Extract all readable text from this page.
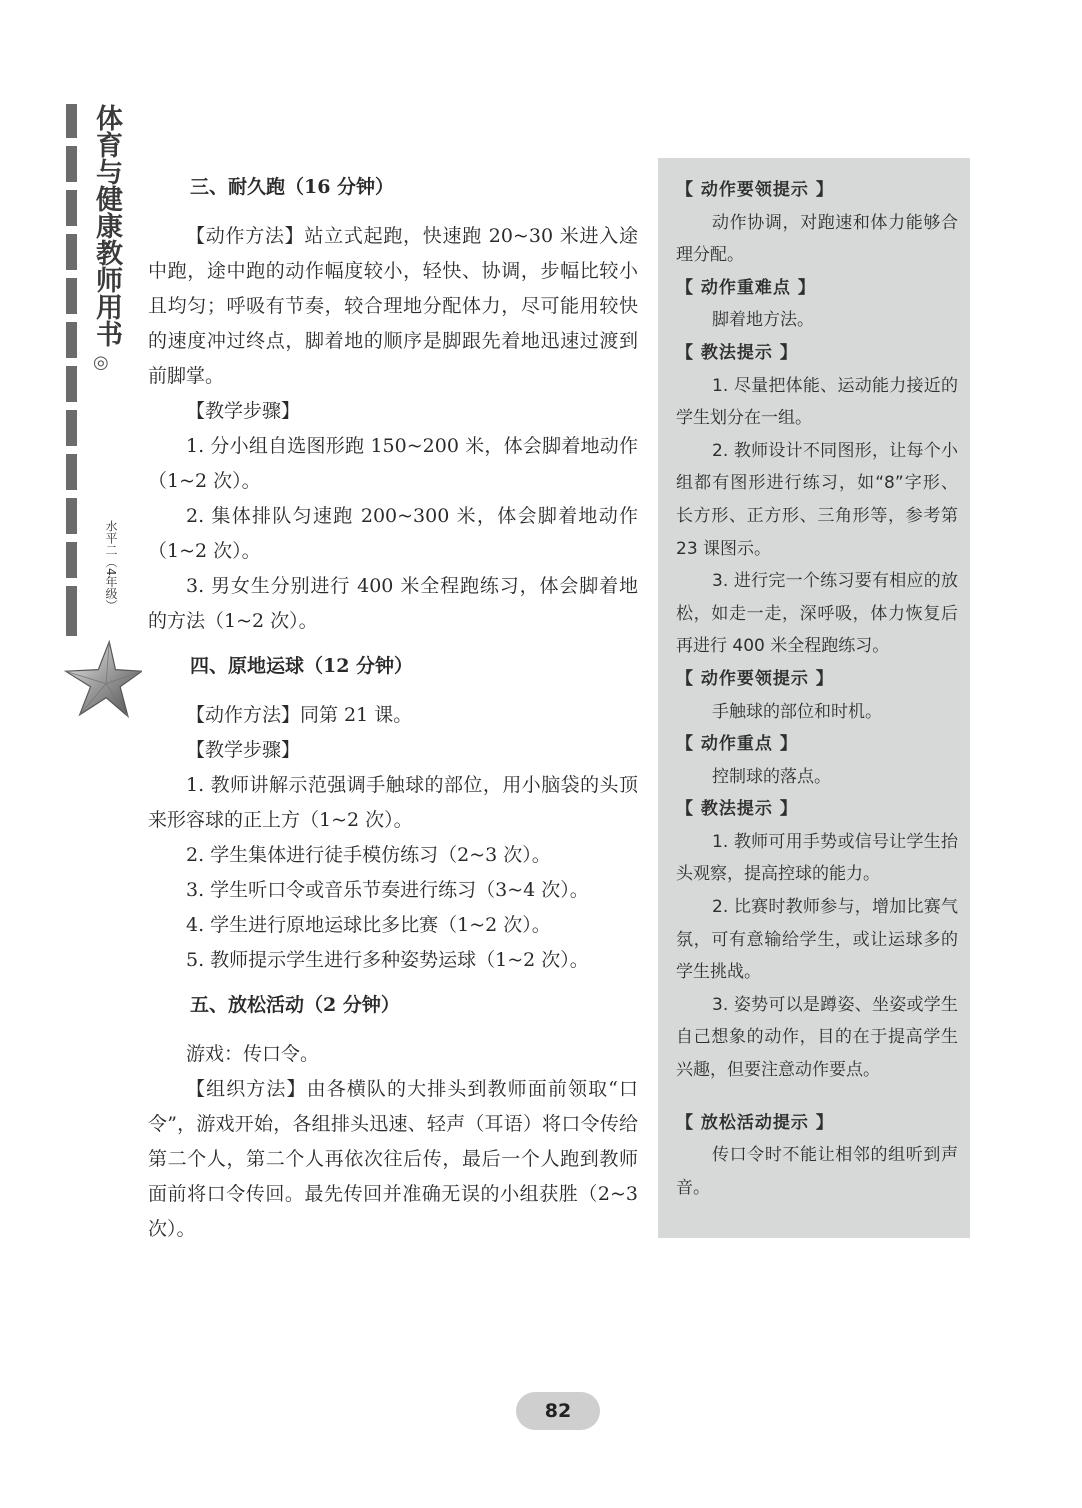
体育与健康教师用书
◎
水平二（4年级）

三、耐久跑（16 分钟）

【动作方法】站立式起跑，快速跑 20~30 米进入途中跑，途中跑的动作幅度较小，轻快、协调，步幅比较小且均匀；呼吸有节奏，较合理地分配体力，尽可能用较快的速度冲过终点，脚着地的顺序是脚跟先着地迅速过渡到前脚掌。

【教学步骤】

1. 分小组自选图形跑 150~200 米，体会脚着地动作（1~2 次）。

2. 集体排队匀速跑 200~300 米，体会脚着地动作（1~2 次）。

3. 男女生分别进行 400 米全程跑练习，体会脚着地的方法（1~2 次）。

四、原地运球（12 分钟）

【动作方法】同第 21 课。

【教学步骤】

1. 教师讲解示范强调手触球的部位，用小脑袋的头顶来形容球的正上方（1~2 次）。

2. 学生集体进行徒手模仿练习（2~3 次）。

3. 学生听口令或音乐节奏进行练习（3~4 次）。

4. 学生进行原地运球比多比赛（1~2 次）。

5. 教师提示学生进行多种姿势运球（1~2 次）。

五、放松活动（2 分钟）

游戏：传口令。

【组织方法】由各横队的大排头到教师面前领取“口令”，游戏开始，各组排头迅速、轻声（耳语）将口令传给第二个人，第二个人再依次往后传，最后一个人跑到教师面前将口令传回。最先传回并准确无误的小组获胜（2~3 次）。

【 动作要领提示 】

动作协调，对跑速和体力能够合理分配。

【 动作重难点 】

脚着地方法。

【 教法提示 】

1. 尽量把体能、运动能力接近的学生划分在一组。

2. 教师设计不同图形，让每个小组都有图形进行练习，如“8”字形、长方形、正方形、三角形等，参考第 23 课图示。

3. 进行完一个练习要有相应的放松，如走一走，深呼吸，体力恢复后再进行 400 米全程跑练习。

【 动作要领提示 】

手触球的部位和时机。

【 动作重点 】

控制球的落点。

【 教法提示 】

1. 教师可用手势或信号让学生抬头观察，提高控球的能力。

2. 比赛时教师参与，增加比赛气氛，可有意输给学生，或让运球多的学生挑战。

3. 姿势可以是蹲姿、坐姿或学生自己想象的动作，目的在于提高学生兴趣，但要注意动作要点。

【 放松活动提示 】

传口令时不能让相邻的组听到声音。

82
